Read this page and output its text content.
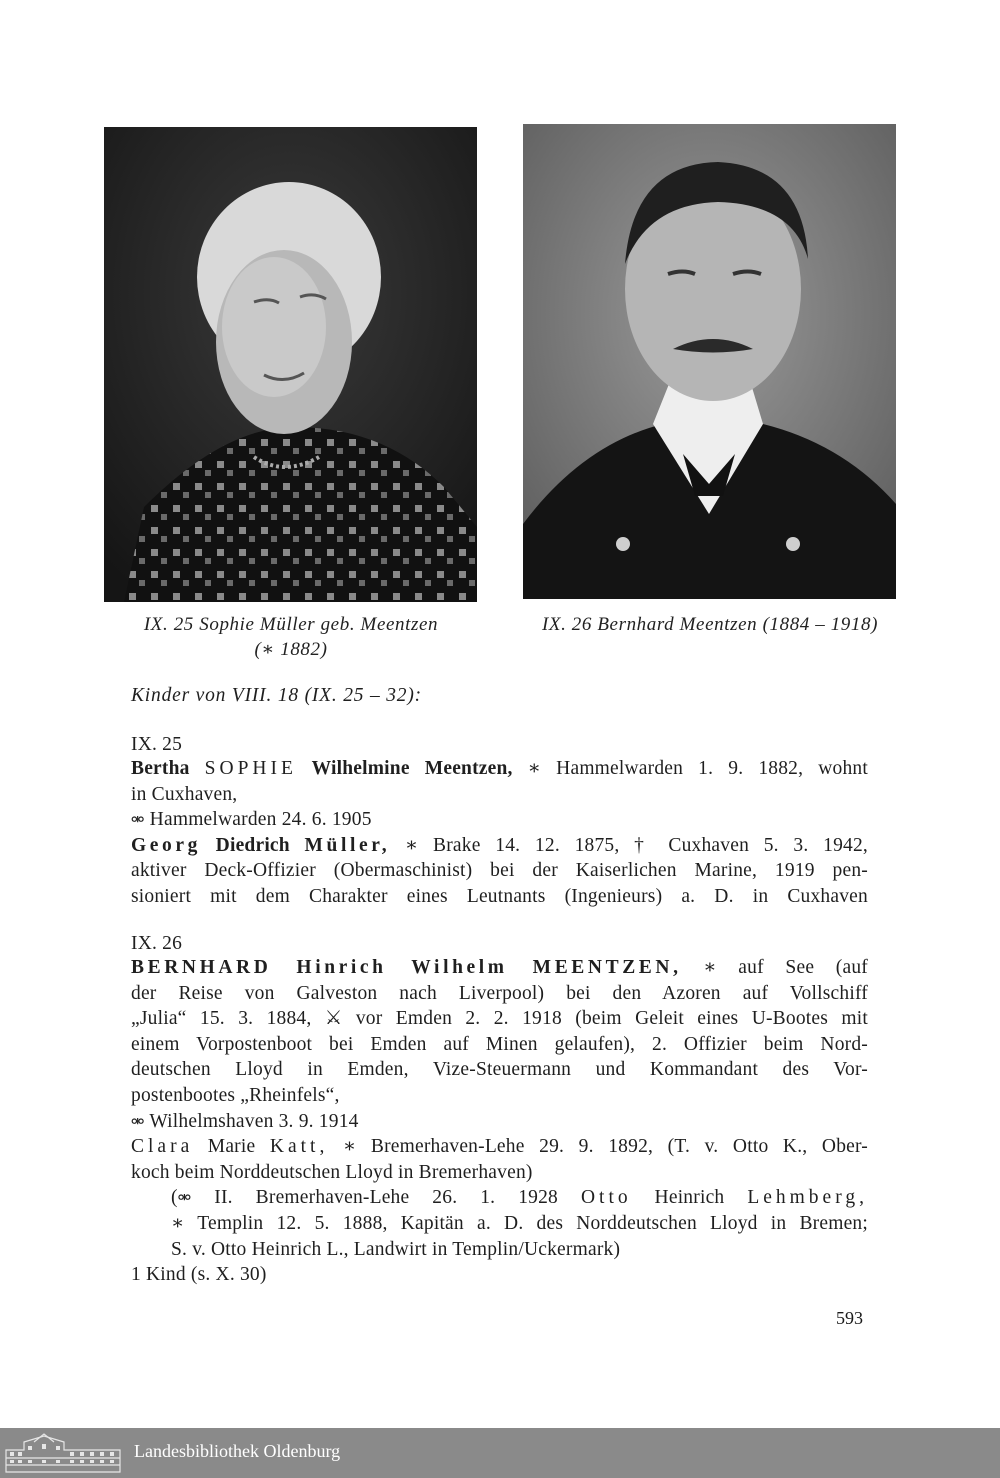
IX. 25 Sophie Müller geb. Meentzen
(∗ 1882)
IX. 26 Bernhard Meentzen (1884 – 1918)
Kinder von VIII. 18 (IX. 25 – 32):
IX. 25
Bertha SOPHIE Wilhelmine Meentzen, ∗ Hammelwarden 1. 9. 1882, wohnt
in Cuxhaven,
⚮ Hammelwarden 24. 6. 1905
Georg Diedrich Müller, ∗ Brake 14. 12. 1875, † Cuxhaven 5. 3. 1942,
aktiver Deck-Offizier (Obermaschinist) bei der Kaiserlichen Marine, 1919 pen-
sioniert mit dem Charakter eines Leutnants (Ingenieurs) a. D. in Cuxhaven
IX. 26
BERNHARD Hinrich Wilhelm MEENTZEN, ∗ auf See (auf
der Reise von Galveston nach Liverpool) bei den Azoren auf Vollschiff
„Julia“ 15. 3. 1884, ⚔ vor Emden 2. 2. 1918 (beim Geleit eines U-Bootes mit
einem Vorpostenboot bei Emden auf Minen gelaufen), 2. Offizier beim Nord-
deutschen Lloyd in Emden, Vize-Steuermann und Kommandant des Vor-
postenbootes „Rheinfels“,
⚮ Wilhelmshaven 3. 9. 1914
Clara Marie Katt, ∗ Bremerhaven-Lehe 29. 9. 1892, (T. v. Otto K., Ober-
koch beim Norddeutschen Lloyd in Bremerhaven)
(⚮ II. Bremerhaven-Lehe 26. 1. 1928 Otto Heinrich Lehmberg,
∗ Templin 12. 5. 1888, Kapitän a. D. des Norddeutschen Lloyd in Bremen;
S. v. Otto Heinrich L., Landwirt in Templin/Uckermark)
1 Kind (s. X. 30)
593
Landesbibliothek Oldenburg
